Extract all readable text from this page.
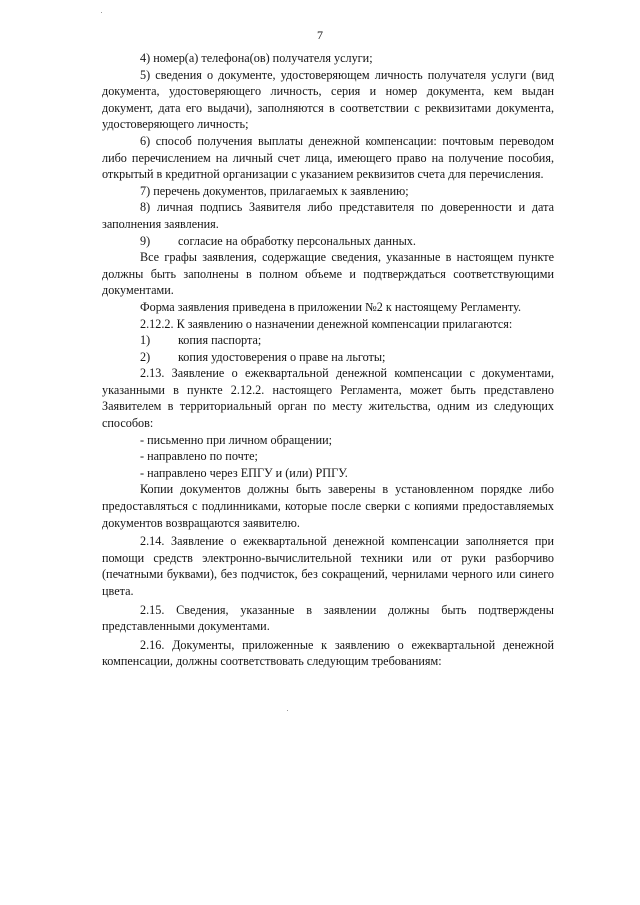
7

4) номер(а) телефона(ов) получателя услуги;

5) сведения о документе, удостоверяющем личность получателя услуги (вид документа, удостоверяющего личность, серия и номер документа, кем выдан документ, дата его выдачи), заполняются в соответствии с реквизитами документа, удостоверяющего личность;

6) способ получения выплаты денежной компенсации: почтовым переводом либо перечислением на личный счет лица, имеющего право на получение пособия, открытый в кредитной организации с указанием реквизитов счета для перечисления.

7) перечень документов, прилагаемых к заявлению;

8) личная подпись Заявителя либо представителя по доверенности и дата заполнения заявления.

9)	согласие на обработку персональных данных.

Все графы заявления, содержащие сведения, указанные в настоящем пункте должны быть заполнены в полном объеме и подтверждаться соответствующими документами.

Форма заявления приведена в приложении №2 к настоящему Регламенту.

2.12.2. К заявлению о назначении денежной компенсации прилагаются:

1)	копия паспорта;

2)	копия удостоверения о праве на льготы;

2.13. Заявление о ежеквартальной денежной компенсации с документами, указанными в пункте 2.12.2. настоящего Регламента, может быть представлено Заявителем в территориальный орган по месту жительства, одним из следующих способов:

- письменно при личном обращении;

- направлено по почте;

- направлено через ЕПГУ и (или) РПГУ.

Копии документов должны быть заверены в установленном порядке либо предоставляться с подлинниками, которые после сверки с копиями предоставляемых документов возвращаются заявителю.

2.14. Заявление о ежеквартальной денежной компенсации заполняется при помощи средств электронно-вычислительной техники или от руки разборчиво (печатными буквами), без подчисток, без сокращений, чернилами черного или синего цвета.

2.15. Сведения, указанные в заявлении должны быть подтверждены представленными документами.

2.16. Документы, приложенные к заявлению о ежеквартальной денежной компенсации, должны соответствовать следующим требованиям:
